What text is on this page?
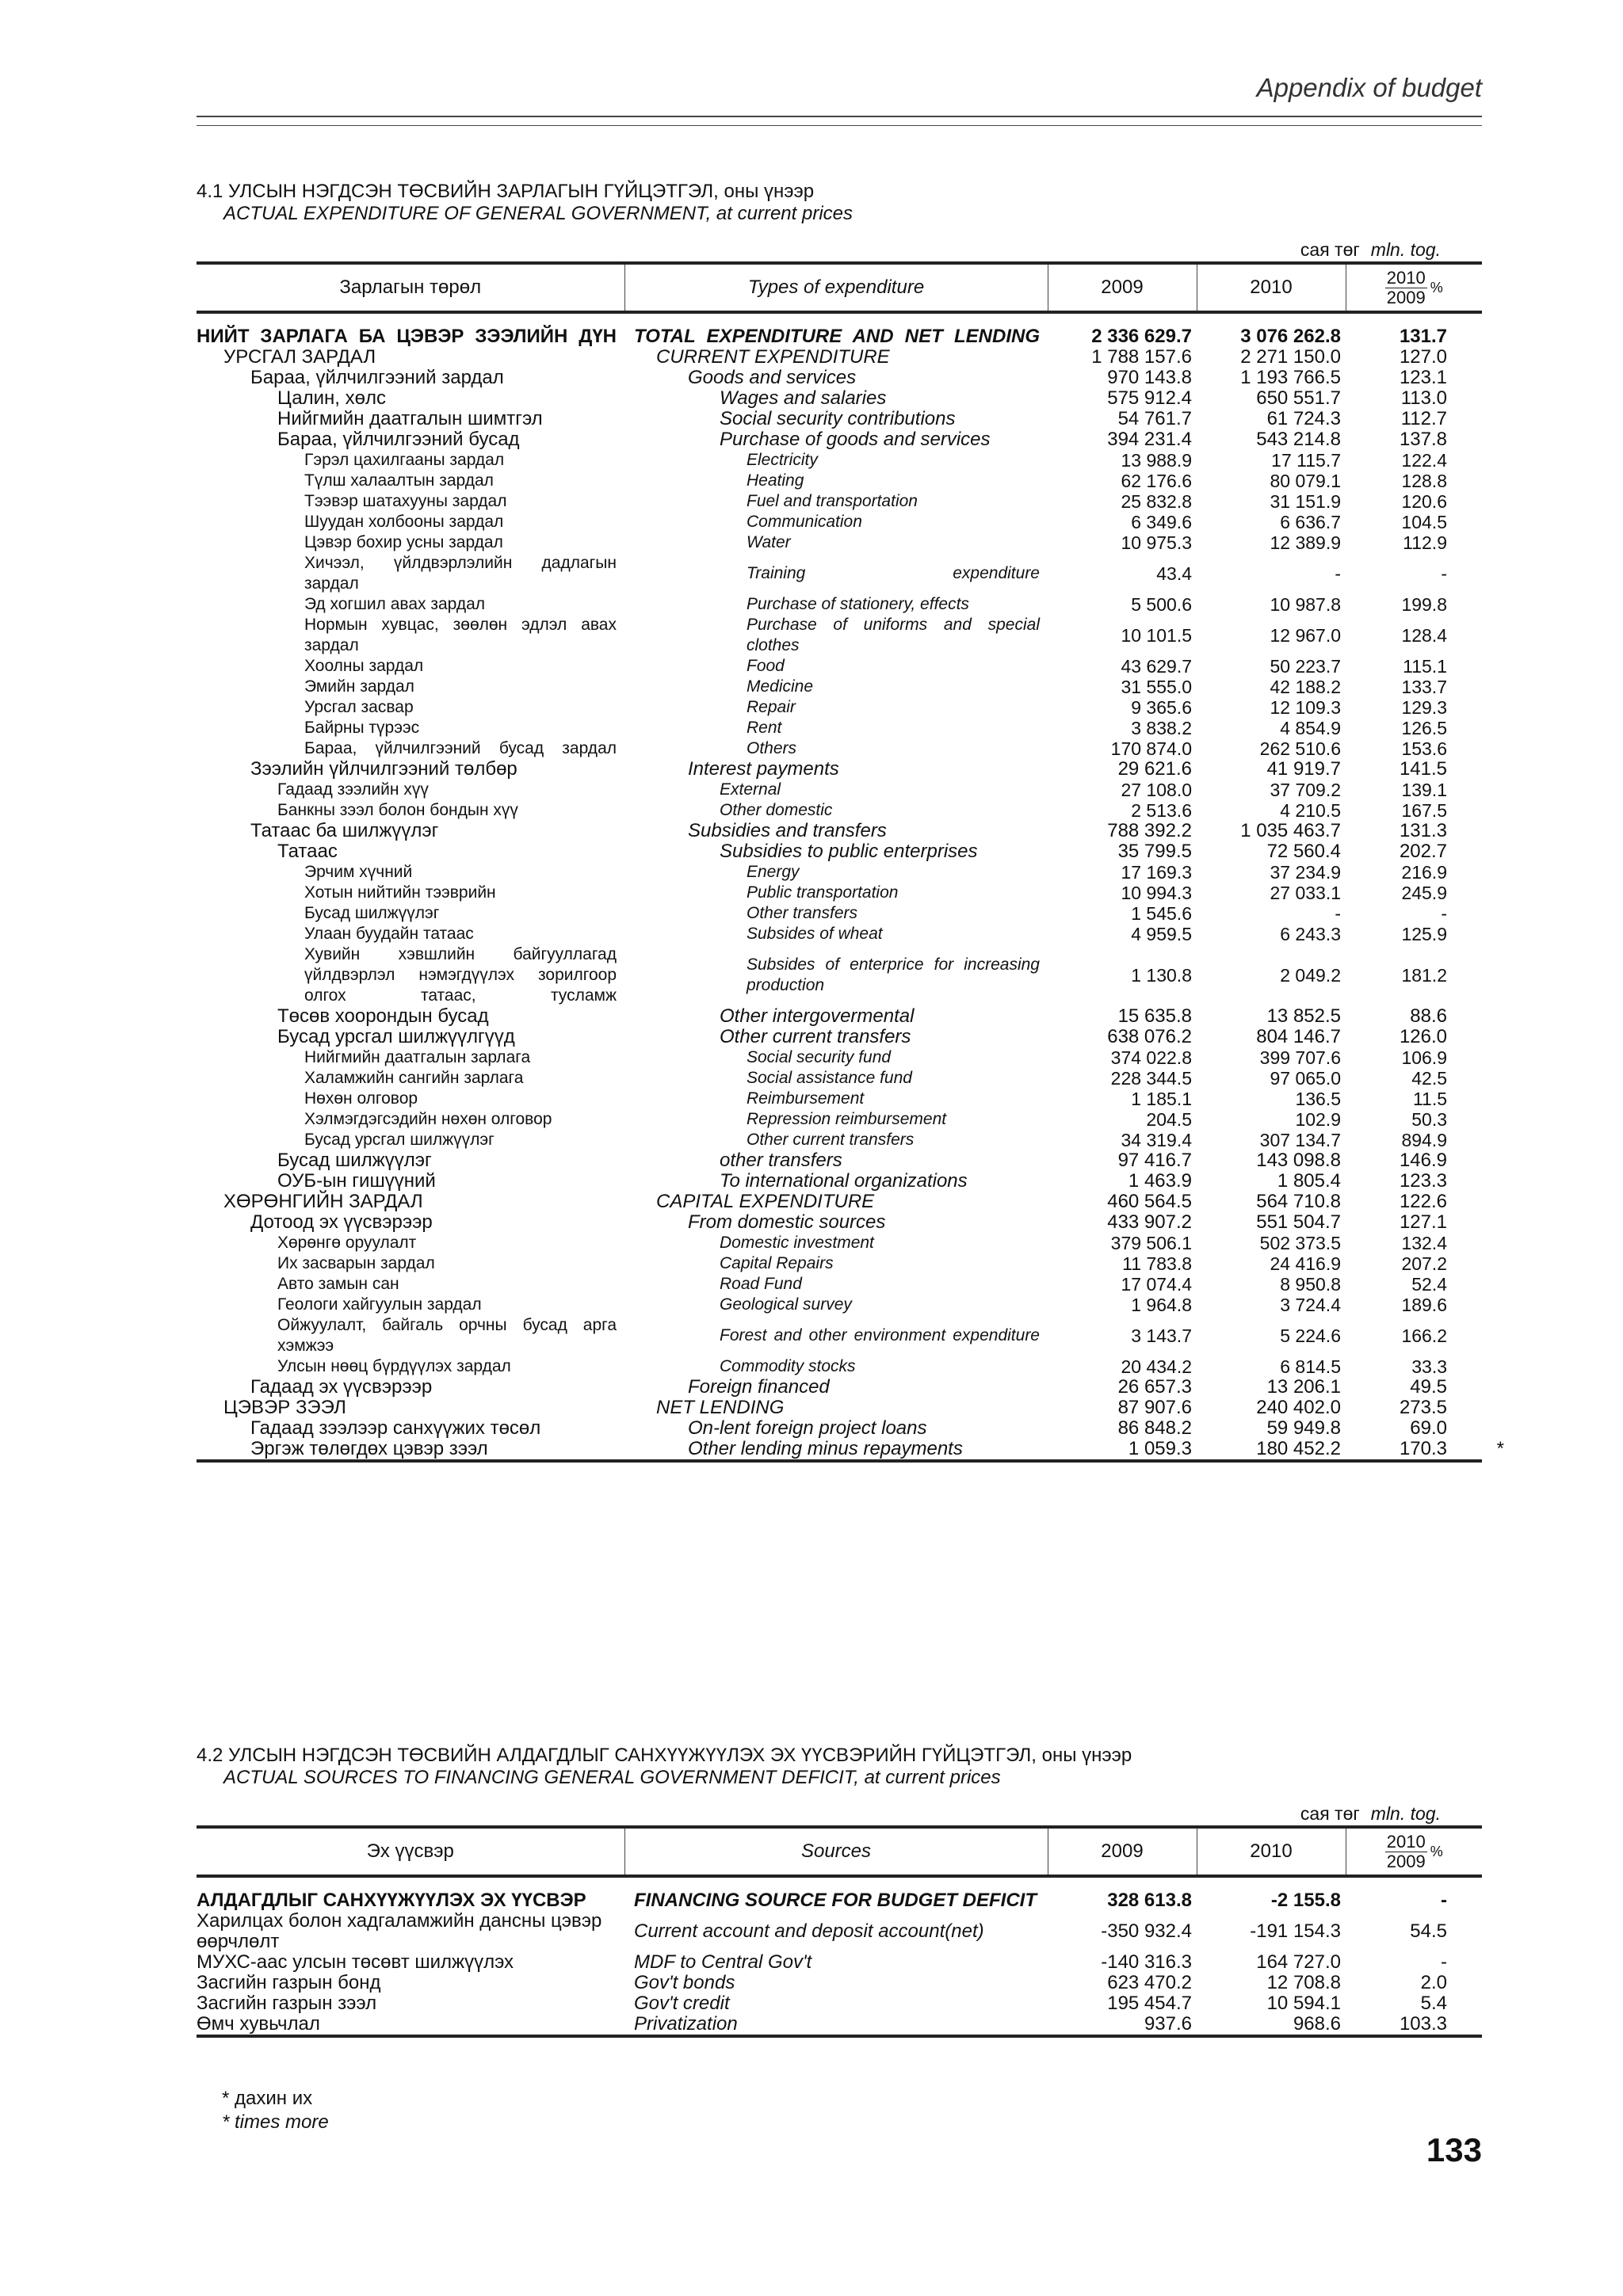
Appendix of budget
4.1 УЛСЫН НЭГДСЭН ТӨСВИЙН ЗАРЛАГЫН ГҮЙЦЭТГЭЛ, оны үнээр
ACTUAL EXPENDITURE OF GENERAL GOVERNMENT, at current prices
сая төг mln. tog.
Зарлагын төрөл	Types of expenditure	2009	2010	$\frac{2010}{2009}$ %
НИЙТ ЗАРЛАГА БА ЦЭВЭР ЗЭЭЛИЙН ДҮН	TOTAL EXPENDITURE AND NET LENDING	2 336 629.7	3 076 262.8	131.7
УРСГАЛ ЗАРДАЛ	CURRENT EXPENDITURE	1 788 157.6	2 271 150.0	127.0
Бараа, үйлчилгээний зардал	Goods and services	970 143.8	1 193 766.5	123.1
Цалин, хөлс	Wages and salaries	575 912.4	650 551.7	113.0
Нийгмийн даатгалын шимтгэл	Social security contributions	54 761.7	61 724.3	112.7
Бараа, үйлчилгээний бусад	Purchase of goods and services	394 231.4	543 214.8	137.8
Гэрэл цахилгааны зардал	Electricity	13 988.9	17 115.7	122.4
Түлш халаалтын зардал	Heating	62 176.6	80 079.1	128.8
Тээвэр шатахууны зардал	Fuel and transportation	25 832.8	31 151.9	120.6
Шуудан холбооны зардал	Communication	6 349.6	6 636.7	104.5
Цэвэр бохир усны зардал	Water	10 975.3	12 389.9	112.9
Хичээл, үйлдвэрлэлийн дадлагын зардал	Training expenditure	43.4	-	-
Эд хогшил авах зардал	Purchase of stationery, effects	5 500.6	10 987.8	199.8
Нормын хувцас, зөөлөн эдлэл авах зардал	Purchase of uniforms and special clothes	10 101.5	12 967.0	128.4
Хоолны зардал	Food	43 629.7	50 223.7	115.1
Эмийн зардал	Medicine	31 555.0	42 188.2	133.7
Урсгал засвар	Repair	9 365.6	12 109.3	129.3
Байрны түрээс	Rent	3 838.2	4 854.9	126.5
Бараа, үйлчилгээний бусад зардал	Others	170 874.0	262 510.6	153.6
Зээлийн үйлчилгээний төлбөр	Interest payments	29 621.6	41 919.7	141.5
Гадаад зээлийн хүү	External	27 108.0	37 709.2	139.1
Банкны зээл болон бондын хүү	Other domestic	2 513.6	4 210.5	167.5
Татаас ба шилжүүлэг	Subsidies and transfers	788 392.2	1 035 463.7	131.3
Татаас	Subsidies to public enterprises	35 799.5	72 560.4	202.7
Эрчим хүчний	Energy	17 169.3	37 234.9	216.9
Хотын нийтийн тээврийн	Public transportation	10 994.3	27 033.1	245.9
Бусад шилжүүлэг	Other transfers	1 545.6	-	-
Улаан буудайн татаас	Subsides of wheat	4 959.5	6 243.3	125.9
Хувийн хэвшлийн байгууллагад үйлдвэрлэл нэмэгдүүлэх зорилгоор олгох татаас, тусламж	Subsides of enterprice for increasing production	1 130.8	2 049.2	181.2
Төсөв хоорондын бусад	Other intergovermental	15 635.8	13 852.5	88.6
Бусад урсгал шилжүүлгүүд	Other current transfers	638 076.2	804 146.7	126.0
Нийгмийн даатгалын зарлага	Social security fund	374 022.8	399 707.6	106.9
Халамжийн сангийн зарлага	Social assistance fund	228 344.5	97 065.0	42.5
Нөхөн олговор	Reimbursement	1 185.1	136.5	11.5
Хэлмэгдэгсэдийн нөхөн олговор	Repression reimbursement	204.5	102.9	50.3
Бусад урсгал шилжүүлэг	Other current transfers	34 319.4	307 134.7	894.9
Бусад шилжүүлэг	other transfers	97 416.7	143 098.8	146.9
ОУБ-ын гишүүний	To international organizations	1 463.9	1 805.4	123.3
ХӨРӨНГИЙН ЗАРДАЛ	CAPITAL EXPENDITURE	460 564.5	564 710.8	122.6
Дотоод эх үүсвэрээр	From domestic sources	433 907.2	551 504.7	127.1
Хөрөнгө оруулалт	Domestic investment	379 506.1	502 373.5	132.4
Их засварын зардал	Capital Repairs	11 783.8	24 416.9	207.2
Авто замын сан	Road Fund	17 074.4	8 950.8	52.4
Геологи хайгуулын зардал	Geological survey	1 964.8	3 724.4	189.6
Ойжуулалт, байгаль орчны бусад арга хэмжээ	Forest and other environment expenditure	3 143.7	5 224.6	166.2
Улсын нөөц бүрдүүлэх зардал	Commodity stocks	20 434.2	6 814.5	33.3
Гадаад эх үүсвэрээр	Foreign financed	26 657.3	13 206.1	49.5
ЦЭВЭР ЗЭЭЛ	NET LENDING	87 907.6	240 402.0	273.5
Гадаад зээлээр санхүүжих төсөл	On-lent foreign project loans	86 848.2	59 949.8	69.0
Эргэж төлөгдөх цэвэр зээл	Other lending minus repayments	1 059.3	180 452.2	170.3 *
4.2 УЛСЫН НЭГДСЭН ТӨСВИЙН АЛДАГДЛЫГ САНХҮҮЖҮҮЛЭХ ЭХ ҮҮСВЭРИЙН ГҮЙЦЭТГЭЛ, оны үнээр
ACTUAL SOURCES TO FINANCING GENERAL GOVERNMENT DEFICIT, at current prices
сая төг mln. tog.
Эх үүсвэр	Sources	2009	2010	$\frac{2010}{2009}$ %
АЛДАГДЛЫГ САНХҮҮЖҮҮЛЭХ ЭХ ҮҮСВЭР	FINANCING SOURCE FOR BUDGET DEFICIT	328 613.8	-2 155.8	-
Харилцах болон хадгаламжийн дансны цэвэр өөрчлөлт	Current account and deposit account(net)	-350 932.4	-191 154.3	54.5
МУХС-аас улсын төсөвт шилжүүлэх	MDF to Central Gov't	-140 316.3	164 727.0	-
Засгийн газрын бонд	Gov't bonds	623 470.2	12 708.8	2.0
Засгийн газрын зээл	Gov't credit	195 454.7	10 594.1	5.4
Өмч хувьчлал	Privatization	937.6	968.6	103.3
* дахин их
* times more
133
